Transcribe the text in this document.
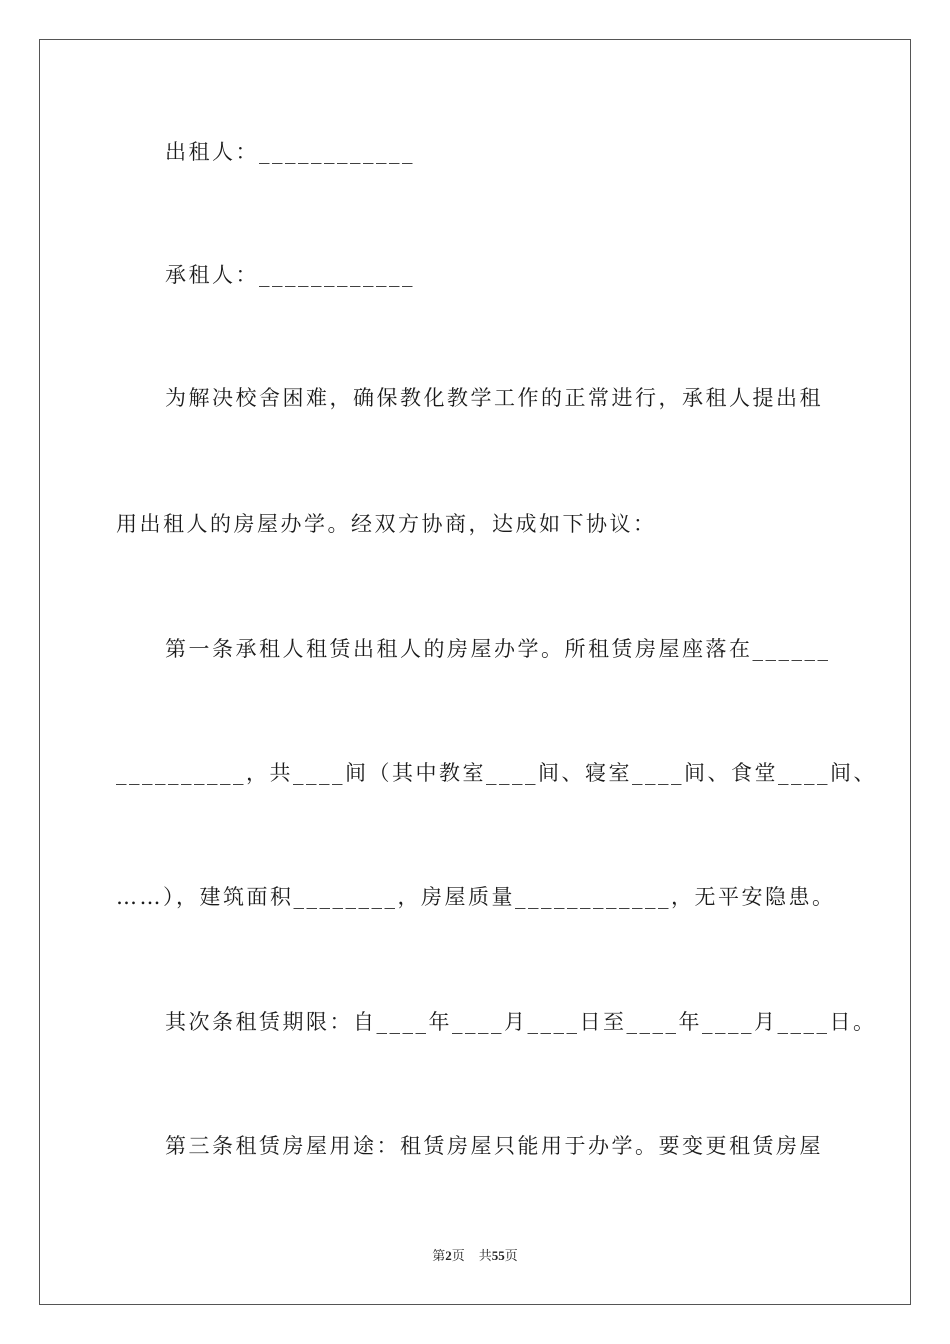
出租人：____________
承租人：____________
为解决校舍困难，确保教化教学工作的正常进行，承租人提出租
用出租人的房屋办学。经双方协商，达成如下协议：
第一条承租人租赁出租人的房屋办学。所租赁房屋座落在______
__________，共____间（其中教室____间、寝室____间、食堂____间、
……），建筑面积________，房屋质量____________，无平安隐患。
其次条租赁期限：自____年____月____日至____年____月____日。
第三条租赁房屋用途：租赁房屋只能用于办学。要变更租赁房屋
第2页 共55页
